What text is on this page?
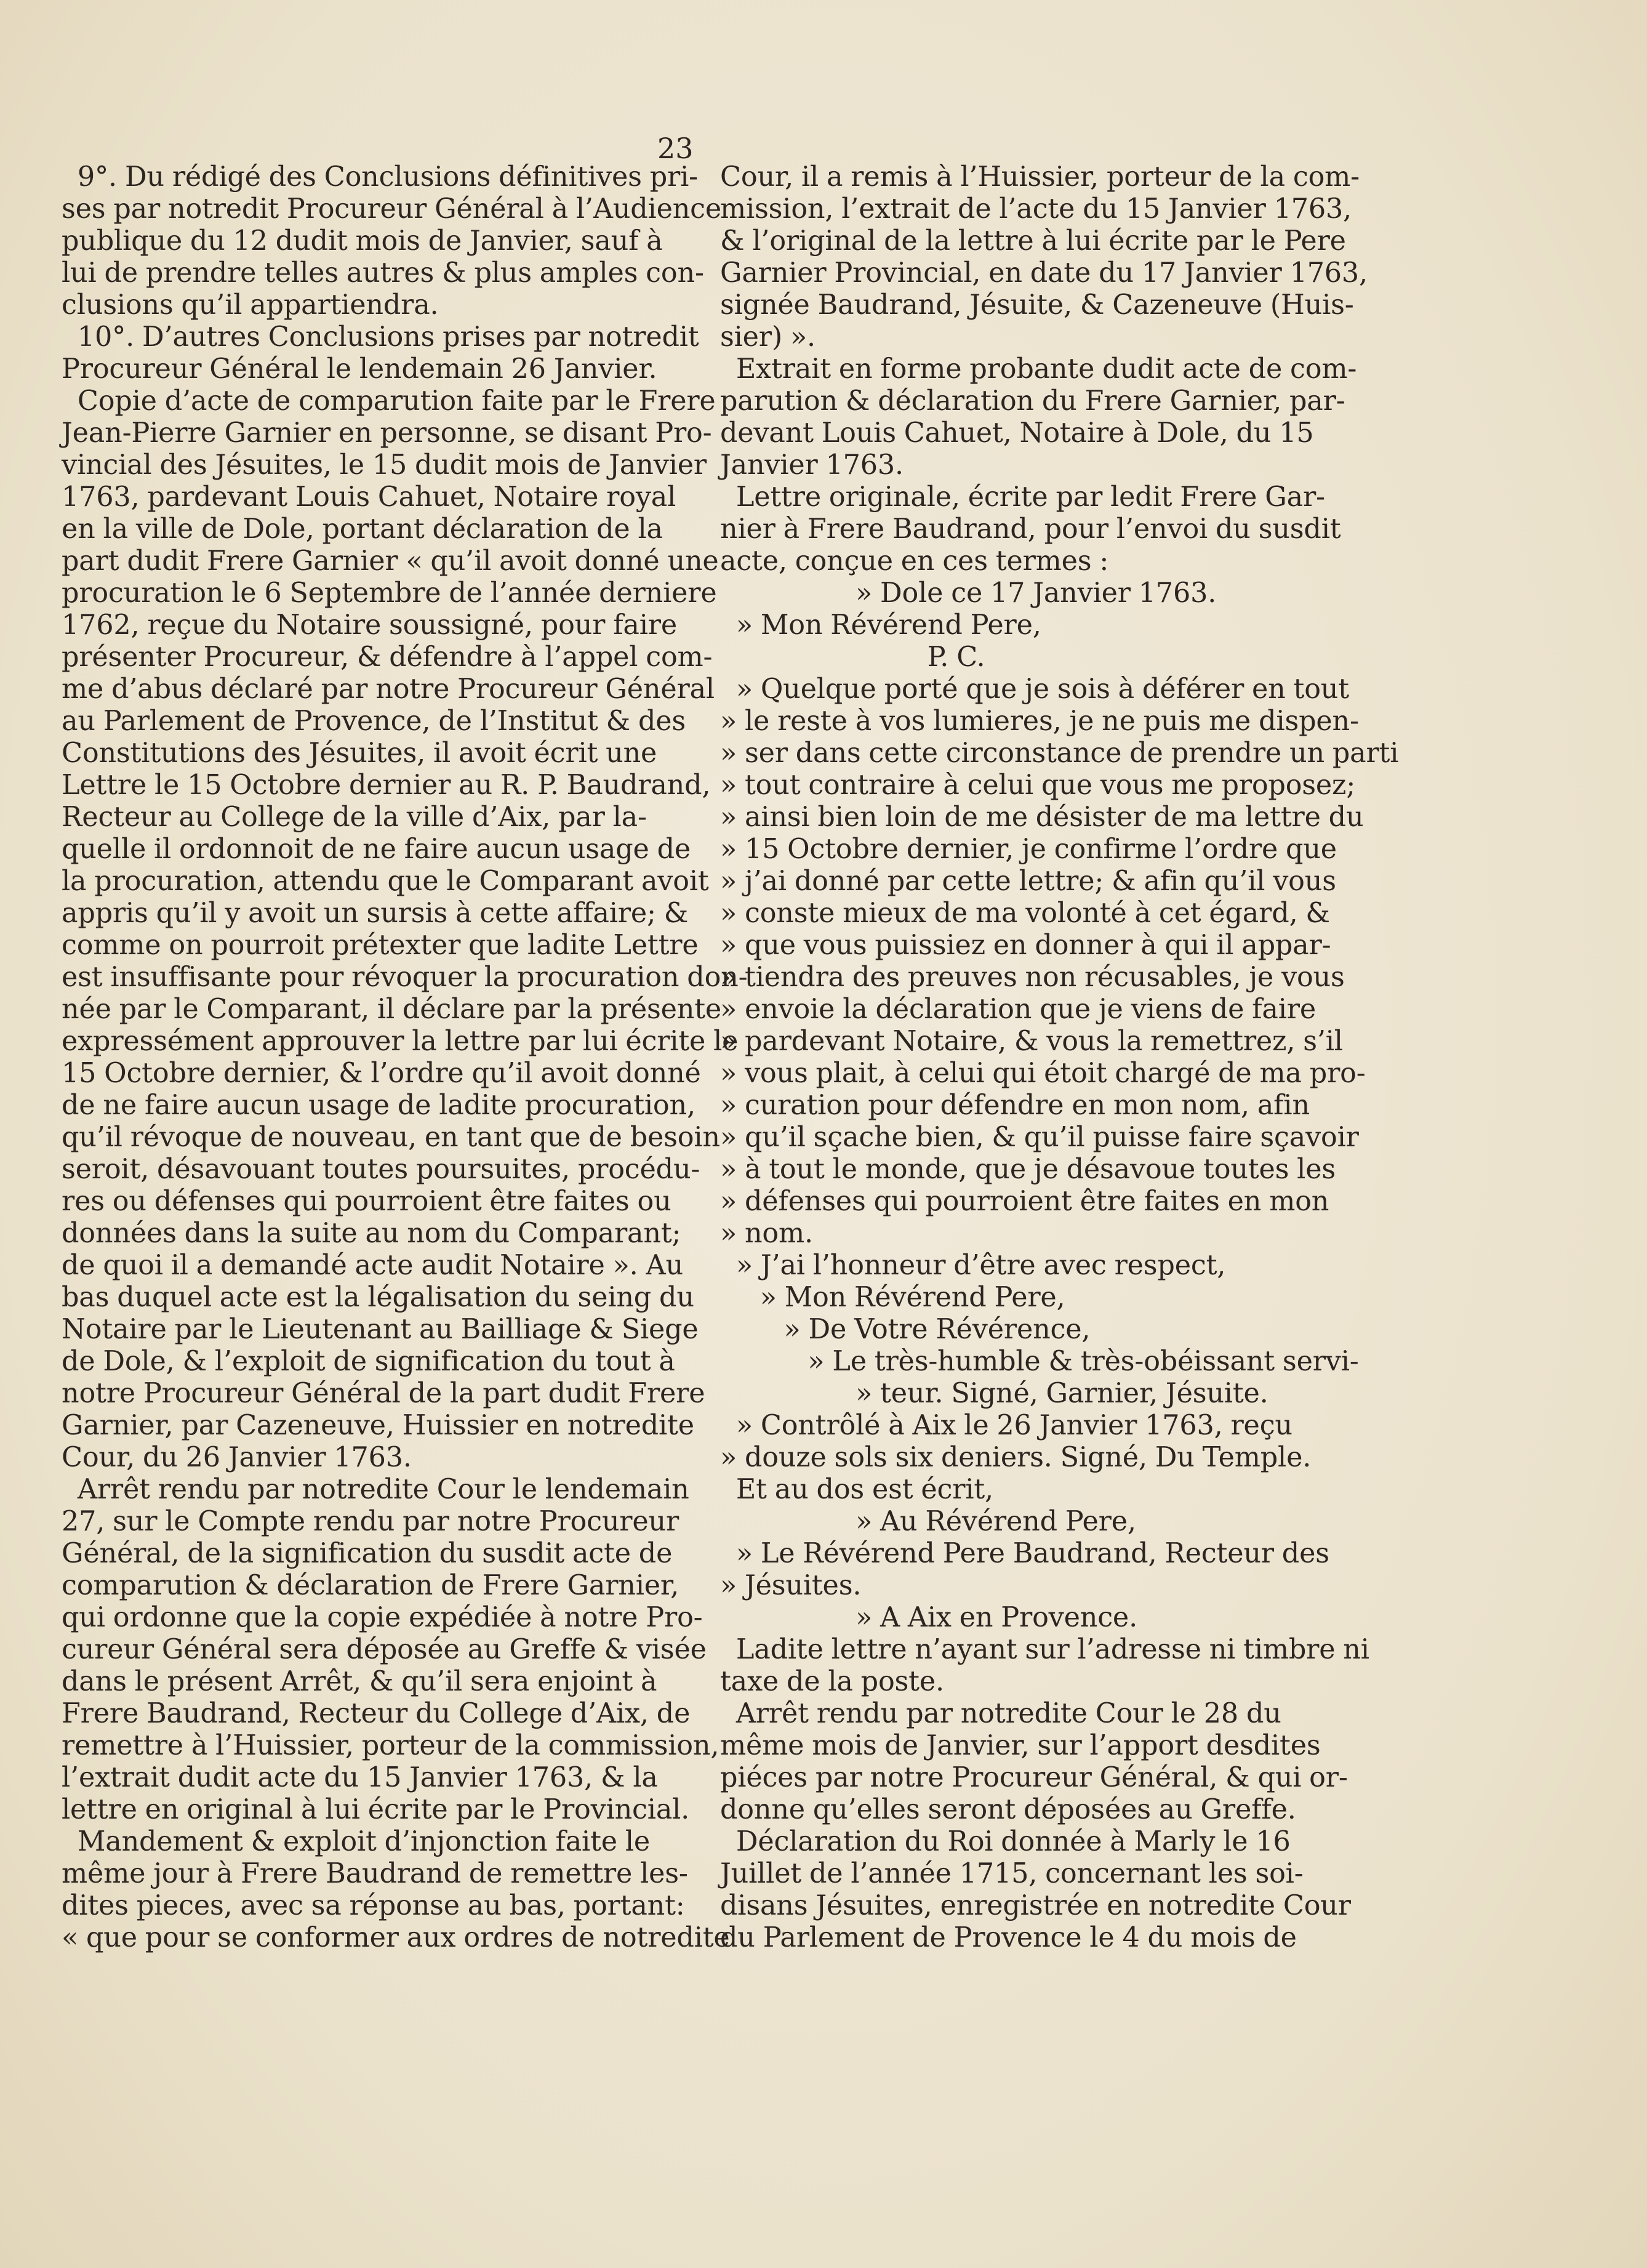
23
9°. Du rédigé des Conclusions définitives pri-
ses par notredit Procureur Général à l’Audience
publique du 12 dudit mois de Janvier, sauf à
lui de prendre telles autres & plus amples con-
clusions qu’il appartiendra.
10°. D’autres Conclusions prises par notredit
Procureur Général le lendemain 26 Janvier.
Copie d’acte de comparution faite par le Frere
Jean-Pierre Garnier en personne, se disant Pro-
vincial des Jésuites, le 15 dudit mois de Janvier
1763, pardevant Louis Cahuet, Notaire royal
en la ville de Dole, portant déclaration de la
part dudit Frere Garnier « qu’il avoit donné une
procuration le 6 Septembre de l’année derniere
1762, reçue du Notaire soussigné, pour faire
présenter Procureur, & défendre à l’appel com-
me d’abus déclaré par notre Procureur Général
au Parlement de Provence, de l’Institut & des
Constitutions des Jésuites, il avoit écrit une
Lettre le 15 Octobre dernier au R. P. Baudrand,
Recteur au College de la ville d’Aix, par la-
quelle il ordonnoit de ne faire aucun usage de
la procuration, attendu que le Comparant avoit
appris qu’il y avoit un sursis à cette affaire; &
comme on pourroit prétexter que ladite Lettre
est insuffisante pour révoquer la procuration don-
née par le Comparant, il déclare par la présente
expressément approuver la lettre par lui écrite le
15 Octobre dernier, & l’ordre qu’il avoit donné
de ne faire aucun usage de ladite procuration,
qu’il révoque de nouveau, en tant que de besoin
seroit, désavouant toutes poursuites, procédu-
res ou défenses qui pourroient être faites ou
données dans la suite au nom du Comparant;
de quoi il a demandé acte audit Notaire ». Au
bas duquel acte est la légalisation du seing du
Notaire par le Lieutenant au Bailliage & Siege
de Dole, & l’exploit de signification du tout à
notre Procureur Général de la part dudit Frere
Garnier, par Cazeneuve, Huissier en notredite
Cour, du 26 Janvier 1763.
Arrêt rendu par notredite Cour le lendemain
27, sur le Compte rendu par notre Procureur
Général, de la signification du susdit acte de
comparution & déclaration de Frere Garnier,
qui ordonne que la copie expédiée à notre Pro-
cureur Général sera déposée au Greffe & visée
dans le présent Arrêt, & qu’il sera enjoint à
Frere Baudrand, Recteur du College d’Aix, de
remettre à l’Huissier, porteur de la commission,
l’extrait dudit acte du 15 Janvier 1763, & la
lettre en original à lui écrite par le Provincial.
Mandement & exploit d’injonction faite le
même jour à Frere Baudrand de remettre les-
dites pieces, avec sa réponse au bas, portant:
« que pour se conformer aux ordres de notredite
Cour, il a remis à l’Huissier, porteur de la com-
mission, l’extrait de l’acte du 15 Janvier 1763,
& l’original de la lettre à lui écrite par le Pere
Garnier Provincial, en date du 17 Janvier 1763,
signée Baudrand, Jésuite, & Cazeneuve (Huis-
sier) ».
Extrait en forme probante dudit acte de com-
parution & déclaration du Frere Garnier, par-
devant Louis Cahuet, Notaire à Dole, du 15
Janvier 1763.
Lettre originale, écrite par ledit Frere Gar-
nier à Frere Baudrand, pour l’envoi du susdit
acte, conçue en ces termes :
» Dole ce 17 Janvier 1763.
» Mon Révérend Pere,
P. C.
» Quelque porté que je sois à déférer en tout
» le reste à vos lumieres, je ne puis me dispen-
» ser dans cette circonstance de prendre un parti
» tout contraire à celui que vous me proposez;
» ainsi bien loin de me désister de ma lettre du
» 15 Octobre dernier, je confirme l’ordre que
» j’ai donné par cette lettre; & afin qu’il vous
» conste mieux de ma volonté à cet égard, &
» que vous puissiez en donner à qui il appar-
» tiendra des preuves non récusables, je vous
» envoie la déclaration que je viens de faire
» pardevant Notaire, & vous la remettrez, s’il
» vous plait, à celui qui étoit chargé de ma pro-
» curation pour défendre en mon nom, afin
» qu’il sçache bien, & qu’il puisse faire sçavoir
» à tout le monde, que je désavoue toutes les
» défenses qui pourroient être faites en mon
» nom.
» J’ai l’honneur d’être avec respect,
» Mon Révérend Pere,
» De Votre Révérence,
» Le très-humble & très-obéissant servi-
» teur. Signé, Garnier, Jésuite.
» Contrôlé à Aix le 26 Janvier 1763, reçu
» douze sols six deniers. Signé, Du Temple.
Et au dos est écrit,
» Au Révérend Pere,
» Le Révérend Pere Baudrand, Recteur des
» Jésuites.
» A Aix en Provence.
Ladite lettre n’ayant sur l’adresse ni timbre ni
taxe de la poste.
Arrêt rendu par notredite Cour le 28 du
même mois de Janvier, sur l’apport desdites
piéces par notre Procureur Général, & qui or-
donne qu’elles seront déposées au Greffe.
Déclaration du Roi donnée à Marly le 16
Juillet de l’année 1715, concernant les soi-
disans Jésuites, enregistrée en notredite Cour
du Parlement de Provence le 4 du mois de
